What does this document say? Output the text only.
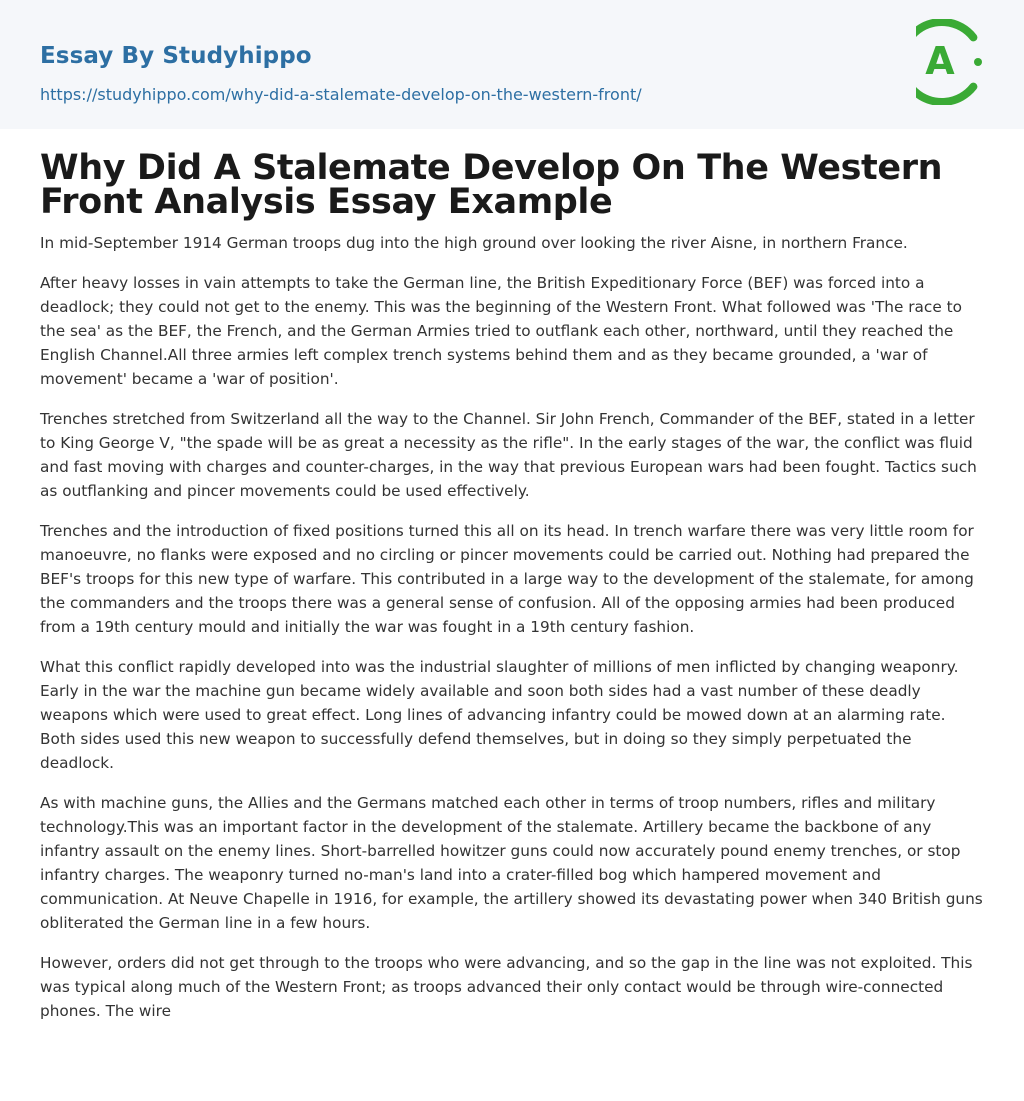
Essay By Studyhippo
https://studyhippo.com/why-did-a-stalemate-develop-on-the-western-front/
A
Why Did A Stalemate Develop On The Western Front Analysis Essay Example

In mid-September 1914 German troops dug into the high ground over looking the river Aisne, in northern France.

After heavy losses in vain attempts to take the German line, the British Expeditionary Force (BEF) was forced into a deadlock; they could not get to the enemy. This was the beginning of the Western Front. What followed was 'The race to the sea' as the BEF, the French, and the German Armies tried to outflank each other, northward, until they reached the English Channel.All three armies left complex trench systems behind them and as they became grounded, a 'war of movement' became a 'war of position'.

Trenches stretched from Switzerland all the way to the Channel. Sir John French, Commander of the BEF, stated in a letter to King George V, "the spade will be as great a necessity as the rifle". In the early stages of the war, the conflict was fluid and fast moving with charges and counter-charges, in the way that previous European wars had been fought. Tactics such as outflanking and pincer movements could be used effectively.

Trenches and the introduction of fixed positions turned this all on its head. In trench warfare there was very little room for manoeuvre, no flanks were exposed and no circling or pincer movements could be carried out. Nothing had prepared the BEF's troops for this new type of warfare. This contributed in a large way to the development of the stalemate, for among the commanders and the troops there was a general sense of confusion. All of the opposing armies had been produced from a 19th century mould and initially the war was fought in a 19th century fashion.

What this conflict rapidly developed into was the industrial slaughter of millions of men inflicted by changing weaponry. Early in the war the machine gun became widely available and soon both sides had a vast number of these deadly weapons which were used to great effect. Long lines of advancing infantry could be mowed down at an alarming rate. Both sides used this new weapon to successfully defend themselves, but in doing so they simply perpetuated the deadlock.

As with machine guns, the Allies and the Germans matched each other in terms of troop numbers, rifles and military technology.This was an important factor in the development of the stalemate. Artillery became the backbone of any infantry assault on the enemy lines. Short-barrelled howitzer guns could now accurately pound enemy trenches, or stop infantry charges. The weaponry turned no-man's land into a crater-filled bog which hampered movement and communication. At Neuve Chapelle in 1916, for example, the artillery showed its devastating power when 340 British guns obliterated the German line in a few hours.

However, orders did not get through to the troops who were advancing, and so the gap in the line was not exploited. This was typical along much of the Western Front; as troops advanced their only contact would be through wire-connected phones. The wire
